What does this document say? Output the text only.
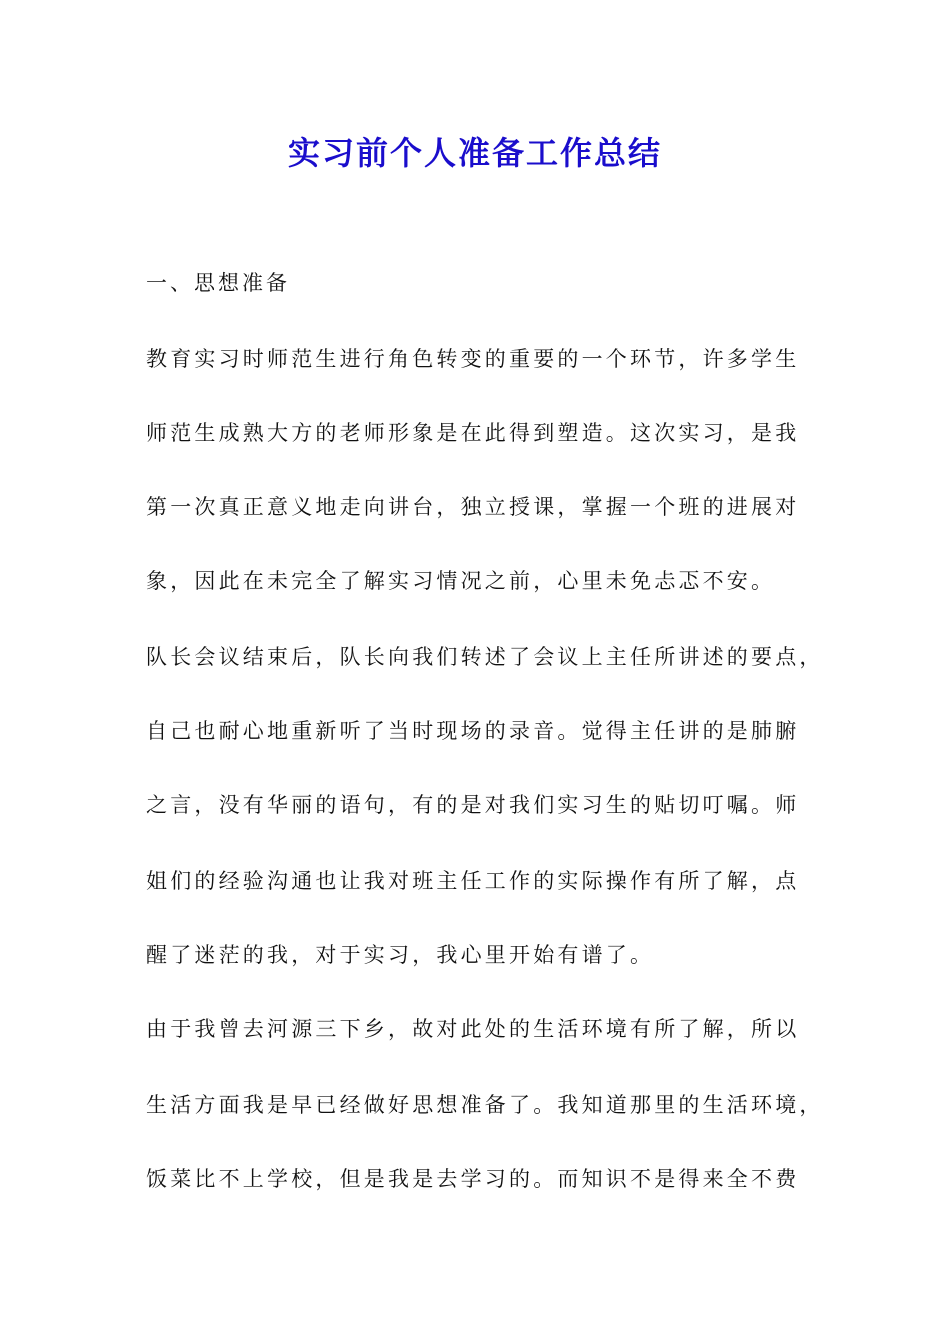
实习前个人准备工作总结
一、思想准备
教育实习时师范生进行角色转变的重要的一个环节，许多学生
师范生成熟大方的老师形象是在此得到塑造。这次实习，是我
第一次真正意义地走向讲台，独立授课，掌握一个班的进展对
象，因此在未完全了解实习情况之前，心里未免忐忑不安。
队长会议结束后，队长向我们转述了会议上主任所讲述的要点，
自己也耐心地重新听了当时现场的录音。觉得主任讲的是肺腑
之言，没有华丽的语句，有的是对我们实习生的贴切叮嘱。师
姐们的经验沟通也让我对班主任工作的实际操作有所了解，点
醒了迷茫的我，对于实习，我心里开始有谱了。
由于我曾去河源三下乡，故对此处的生活环境有所了解，所以
生活方面我是早已经做好思想准备了。我知道那里的生活环境，
饭菜比不上学校，但是我是去学习的。而知识不是得来全不费
